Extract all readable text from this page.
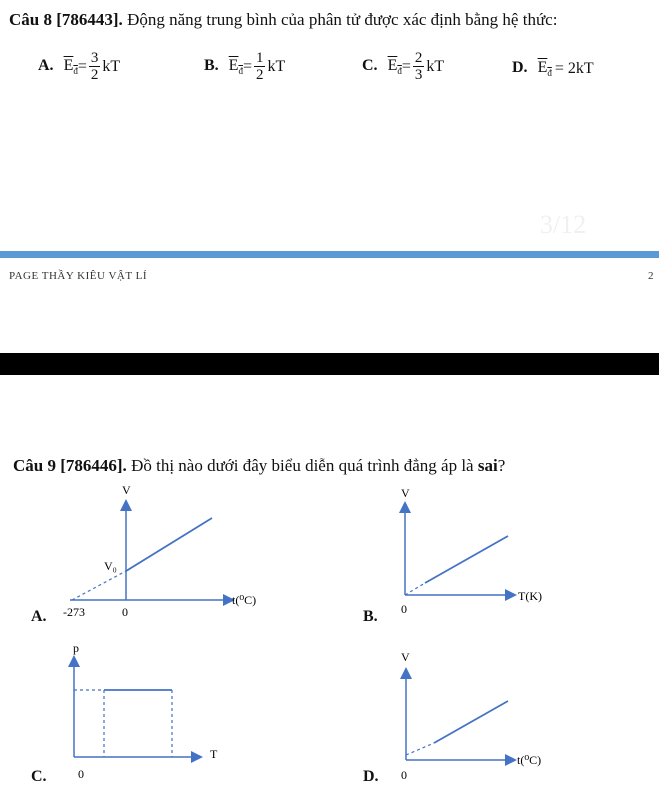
Câu 8 [786443]. Động năng trung bình của phân tử được xác định bằng hệ thức:
A. $E_đ = \frac{3}{2}$ kT	B. $E_đ = \frac{1}{2}$ kT	C. $E_đ = \frac{2}{3}$ kT	D. $E_đ = 2kT$
3/12
PAGE THẦY KIÊU VẬT LÍ	2
Câu 9 [786446]. Đồ thị nào dưới đây biểu diễn quá trình đẳng áp là sai?
A.
V
V₀
t(⁰C)
-273	0	B.
V
T(K)
0
C.
p
T
0	D.
V
t(⁰C)
0
